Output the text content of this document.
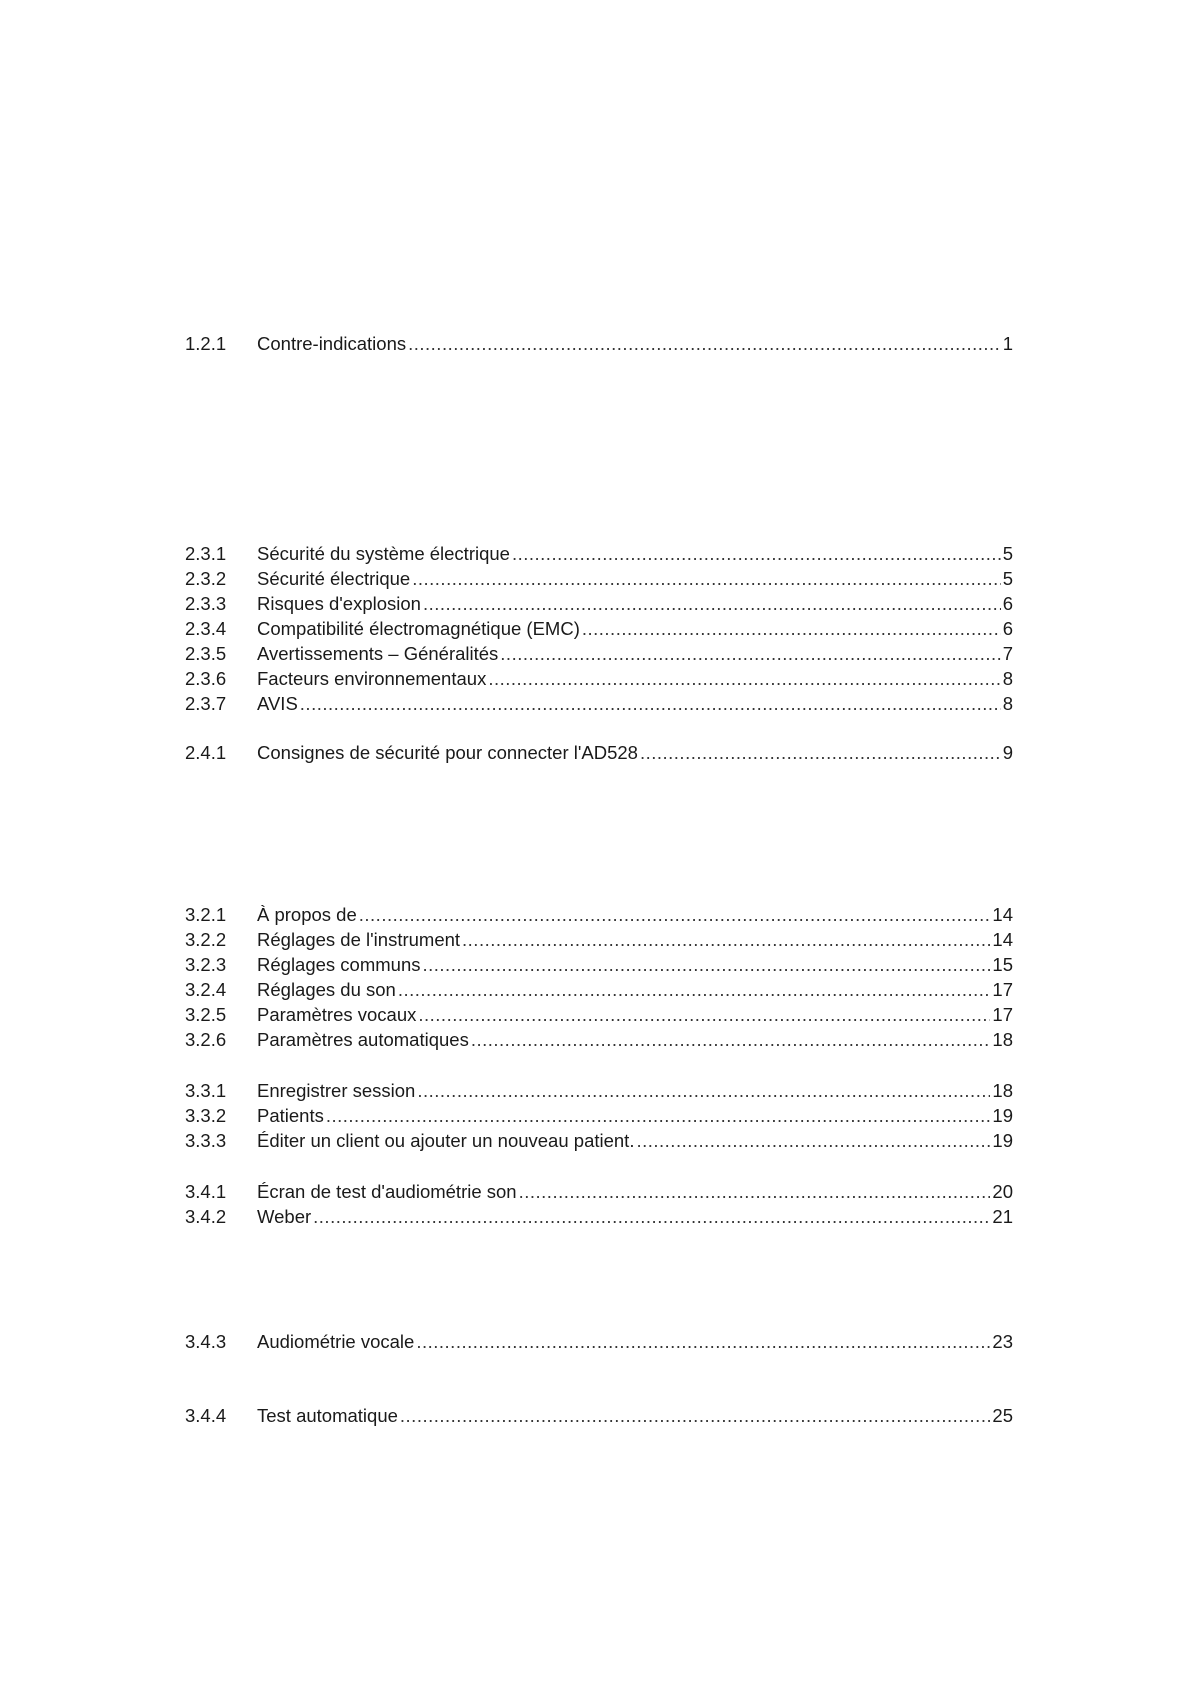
1.2.1	Contre-indications .....	1
2.3.1	Sécurité du système électrique .....	5
2.3.2	Sécurité électrique .....	5
2.3.3	Risques d'explosion .....	6
2.3.4	Compatibilité électromagnétique (EMC) .....	6
2.3.5	Avertissements – Généralités .....	7
2.3.6	Facteurs environnementaux .....	8
2.3.7	AVIS .....	8
2.4.1	Consignes de sécurité pour connecter l'AD528 .....	9
3.2.1	À propos de .....	14
3.2.2	Réglages de l'instrument .....	14
3.2.3	Réglages communs .....	15
3.2.4	Réglages du son .....	17
3.2.5	Paramètres vocaux .....	17
3.2.6	Paramètres automatiques .....	18
3.3.1	Enregistrer session .....	18
3.3.2	Patients .....	19
3.3.3	Éditer un client ou ajouter un nouveau patient. .....	19
3.4.1	Écran de test d'audiométrie son .....	20
3.4.2	Weber .....	21
3.4.3	Audiométrie vocale .....	23
3.4.4	Test automatique .....	25
